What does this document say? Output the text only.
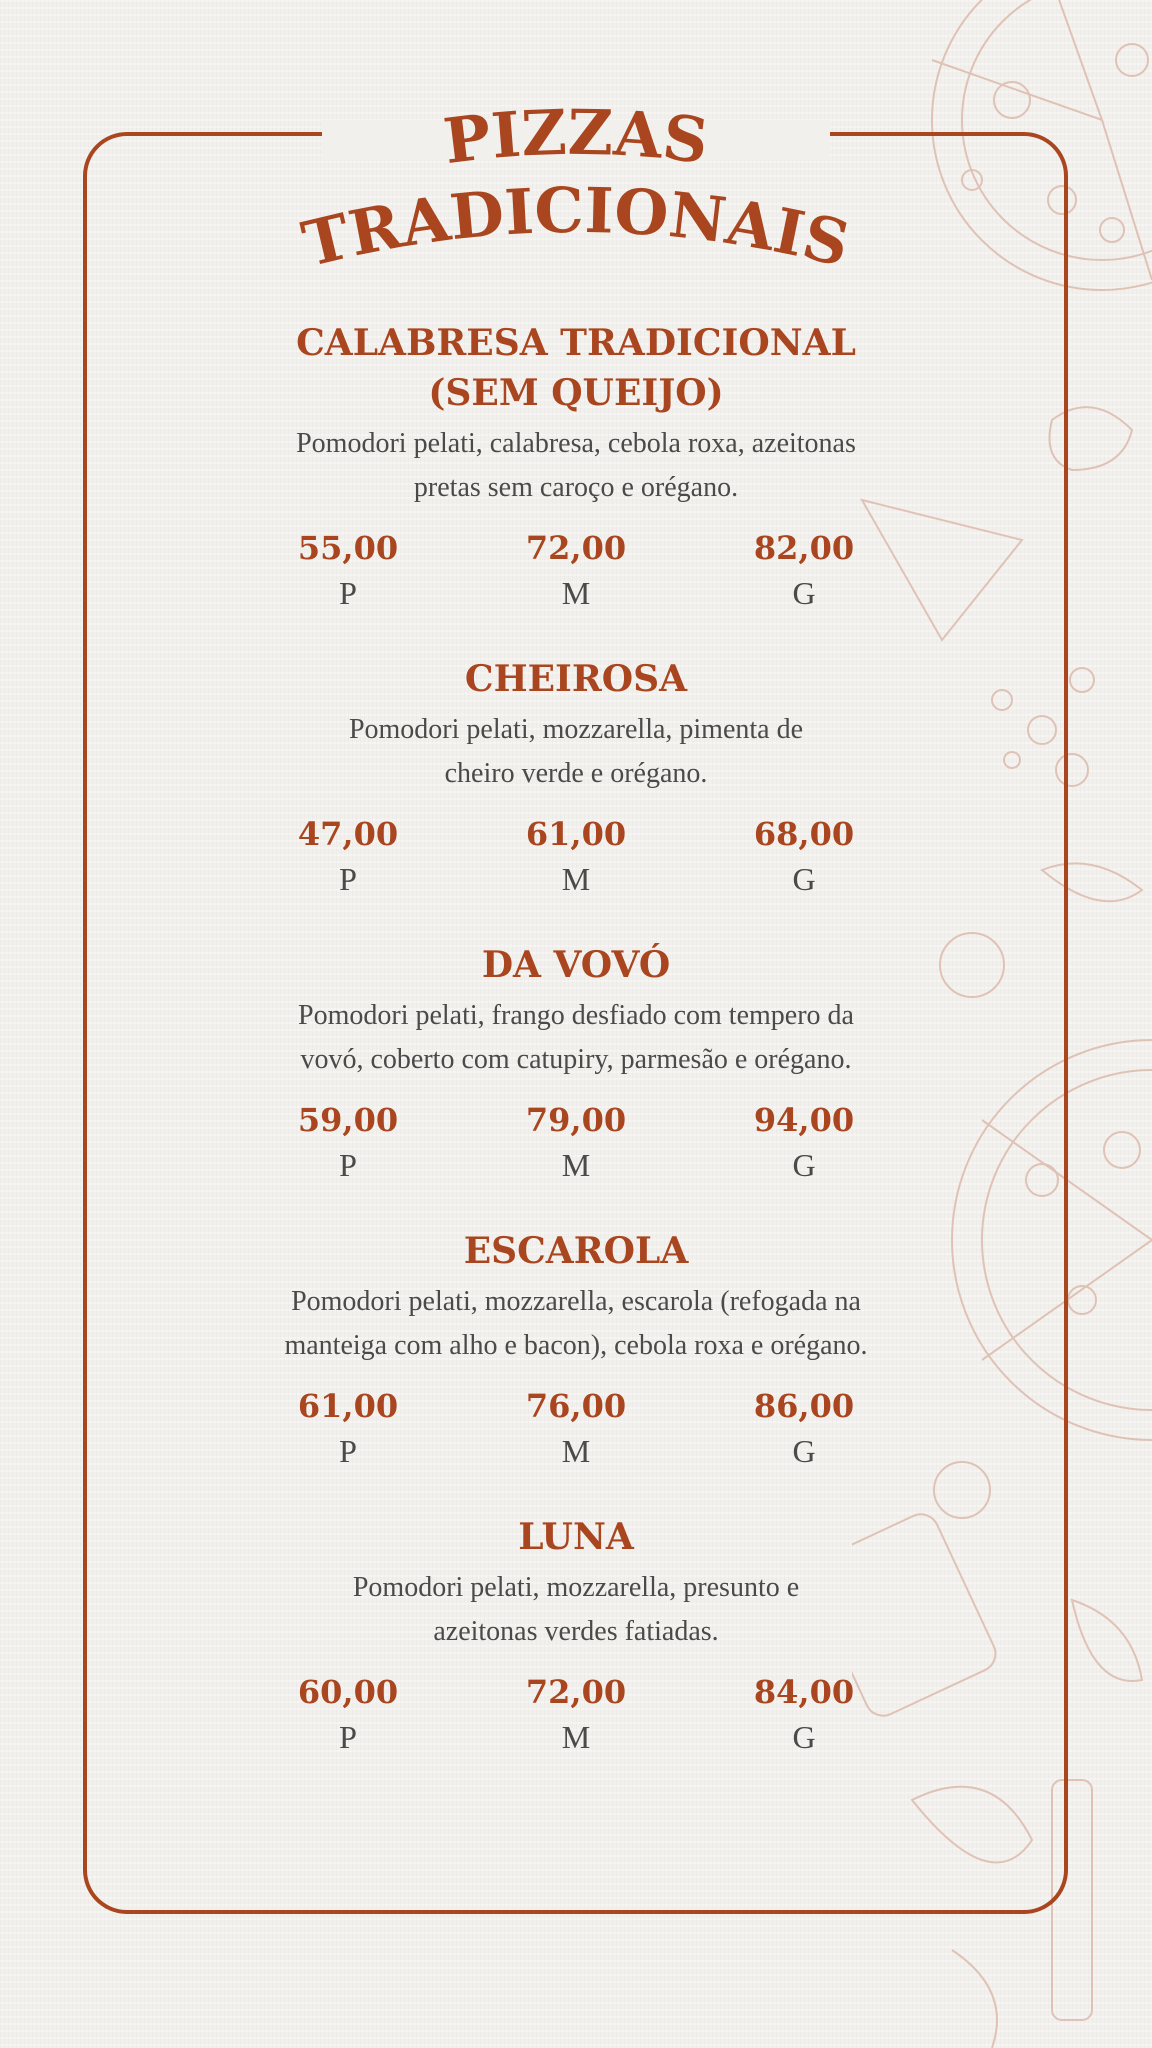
PIZZAS
TRADICIONAIS

CALABRESA TRADICIONAL
(SEM QUEIJO)

Pomodori pelati, calabresa, cebola roxa, azeitonas
pretas sem caroço e orégano.

55,00
P
72,00
M
82,00
G

CHEIROSA

Pomodori pelati, mozzarella, pimenta de
cheiro verde e orégano.

47,00
P
61,00
M
68,00
G

DA VOVÓ

Pomodori pelati, frango desfiado com tempero da
vovó, coberto com catupiry, parmesão e orégano.

59,00
P
79,00
M
94,00
G

ESCAROLA

Pomodori pelati, mozzarella, escarola (refogada na
manteiga com alho e bacon), cebola roxa e orégano.

61,00
P
76,00
M
86,00
G

LUNA

Pomodori pelati, mozzarella, presunto e
azeitonas verdes fatiadas.

60,00
P
72,00
M
84,00
G
